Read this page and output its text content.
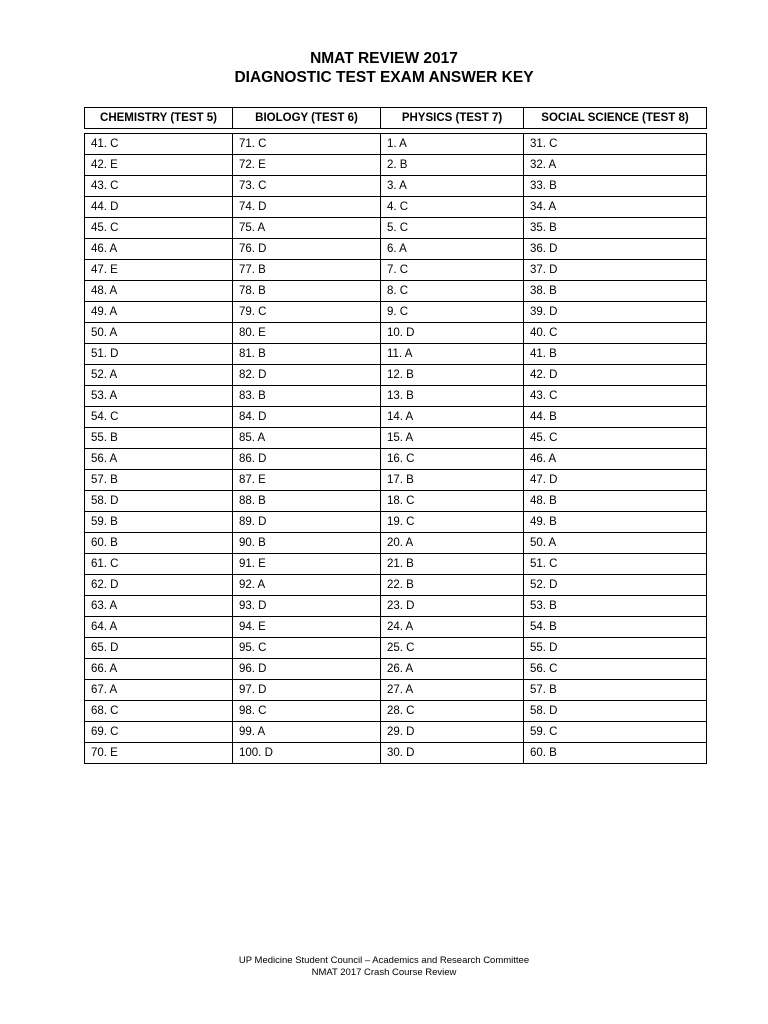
NMAT REVIEW 2017
DIAGNOSTIC TEST EXAM ANSWER KEY
CHEMISTRY (TEST 5)	BIOLOGY (TEST 6)	PHYSICS (TEST 7)	SOCIAL SCIENCE (TEST 8)

41. C	71. C	1. A	31. C
42. E	72. E	2. B	32. A
43. C	73. C	3. A	33. B
44. D	74. D	4. C	34. A
45. C	75. A	5. C	35. B
46. A	76. D	6. A	36. D
47. E	77. B	7. C	37. D
48. A	78. B	8. C	38. B
49. A	79. C	9. C	39. D
50. A	80. E	10. D	40. C
51. D	81. B	11. A	41. B
52. A	82. D	12. B	42. D
53. A	83. B	13. B	43. C
54. C	84. D	14. A	44. B
55. B	85. A	15. A	45. C
56. A	86. D	16. C	46. A
57. B	87. E	17. B	47. D
58. D	88. B	18. C	48. B
59. B	89. D	19. C	49. B
60. B	90. B	20. A	50. A
61. C	91. E	21. B	51. C
62. D	92. A	22. B	52. D
63. A	93. D	23. D	53. B
64. A	94. E	24. A	54. B
65. D	95. C	25. C	55. D
66. A	96. D	26. A	56. C
67. A	97. D	27. A	57. B
68. C	98. C	28. C	58. D
69. C	99. A	29. D	59. C
70. E	100. D	30. D	60. B
UP Medicine Student Council – Academics and Research Committee
NMAT 2017 Crash Course Review
